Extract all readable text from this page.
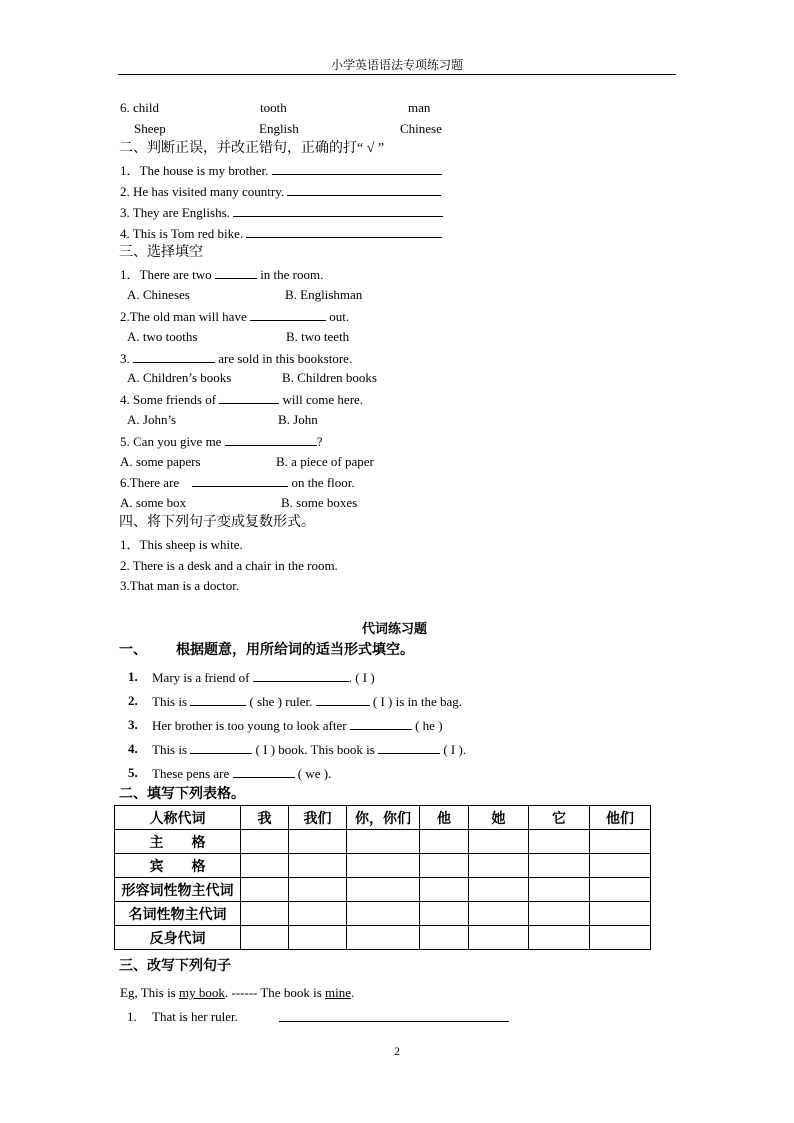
小学英语语法专项练习题
6. child	tooth	man
Sheep	English	Chinese
二、判断正误，并改正错句，正确的打“ √ ”
1．The house is my brother.
2. He has visited many country.
3. They are Englishs.
4. This is Tom red bike.
三、选择填空
1．There are two	in the room.
A. Chineses	B. Englishman
2.The old man will have	out.
A. two tooths	B. two teeth
3.	are sold in this bookstore.
A. Children’s books	B. Children books
4. Some friends of	will come here.
A. John’s	B. John
5. Can you give me	?
A. some papers	B. a piece of paper
6.There are	on the floor.
A. some box	B. some boxes
四、将下列句子变成复数形式。
1．This sheep is white.
2. There is a desk and a chair in the room.
3.That man is a doctor.
代词练习题
一、 根据题意，用所给词的适当形式填空。
1. Mary is a friend of	. ( I )
2. This is	( she ) ruler.	( I ) is in the bag.
3. Her brother is too young to look after	( he )
4. This is	( I ) book. This book is	( I ).
5. These pens are	( we ).
二、填写下列表格。
人称代词	我	我们	你，你们	他	她	它	他们
主　　格							
宾　　格							
形容词性物主代词							
名词性物主代词							
反身代词							
三、改写下列句子
Eg, This is my book. ------ The book is mine.
1. That is her ruler.
2
